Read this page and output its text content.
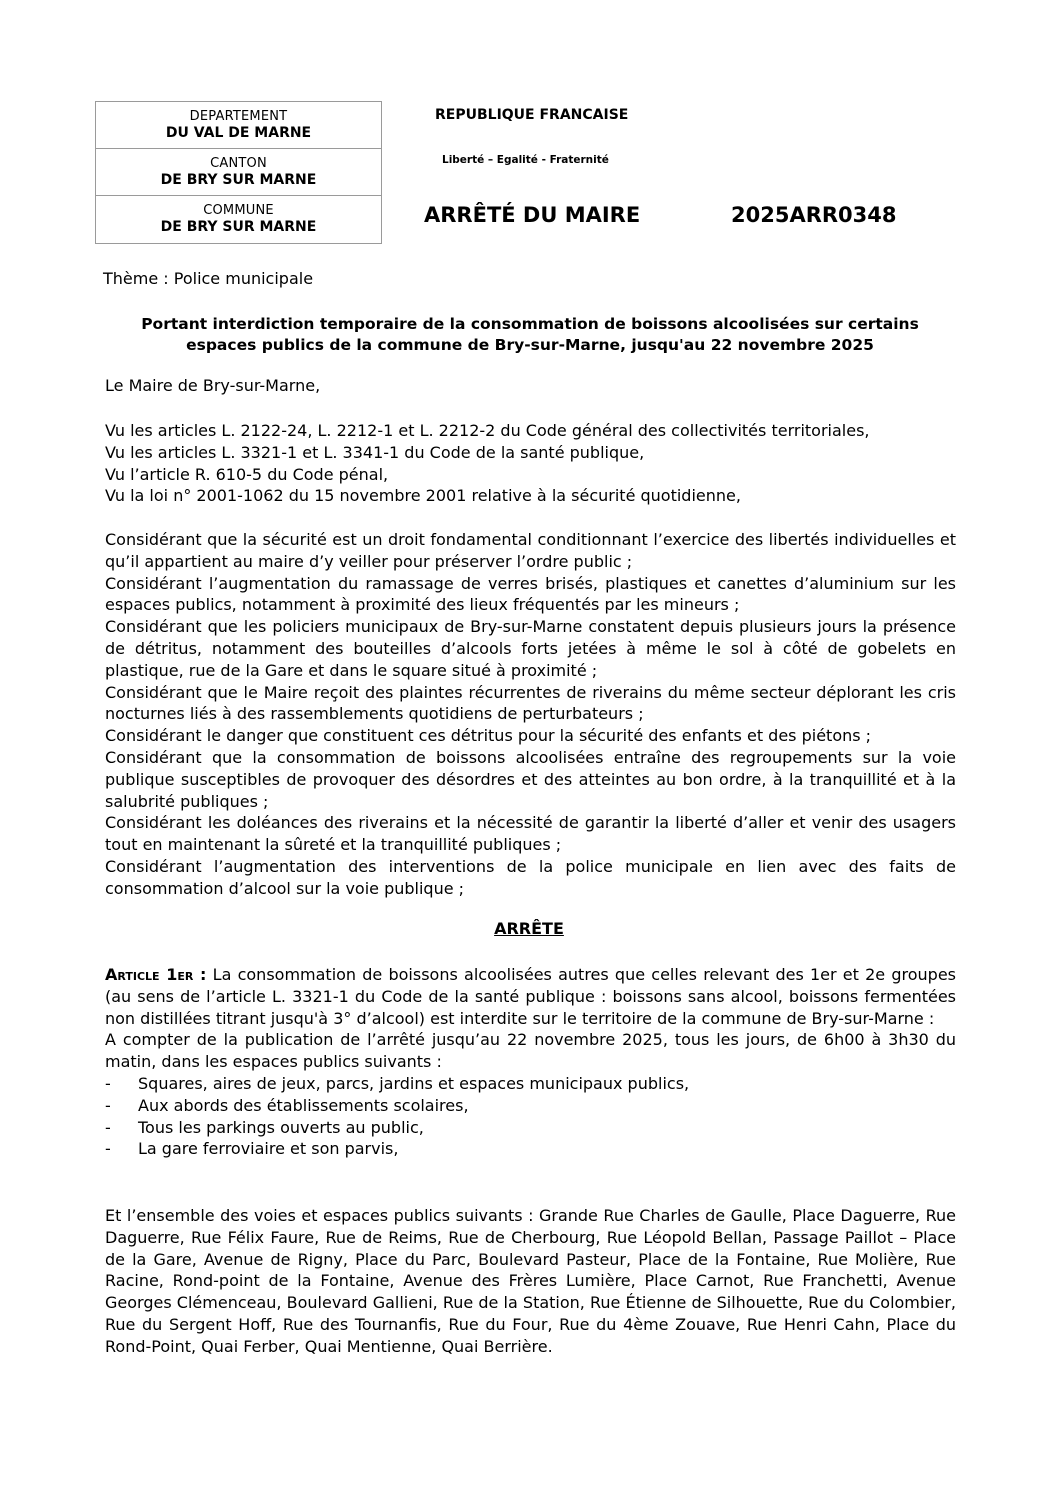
DEPARTEMENT
DU VAL DE MARNE
CANTON
DE BRY SUR MARNE
COMMUNE
DE BRY SUR MARNE
REPUBLIQUE FRANCAISE
Liberté – Egalité - Fraternité
ARRÊTÉ DU MAIRE	2025ARR0348
Thème : Police municipale
Portant interdiction temporaire de la consommation de boissons alcoolisées sur certains espaces publics de la commune de Bry-sur-Marne, jusqu'au 22 novembre 2025

Le Maire de Bry-sur-Marne,

Vu les articles L. 2122-24, L. 2212-1 et L. 2212-2 du Code général des collectivités territoriales,

Vu les articles L. 3321-1 et L. 3341-1 du Code de la santé publique,

Vu l’article R. 610-5 du Code pénal,

Vu la loi n° 2001-1062 du 15 novembre 2001 relative à la sécurité quotidienne,

Considérant que la sécurité est un droit fondamental conditionnant l’exercice des libertés individuelles et qu’il appartient au maire d’y veiller pour préserver l’ordre public ;

Considérant l’augmentation du ramassage de verres brisés, plastiques et canettes d’aluminium sur les espaces publics, notamment à proximité des lieux fréquentés par les mineurs ;

Considérant que les policiers municipaux de Bry-sur-Marne constatent depuis plusieurs jours la présence de détritus, notamment des bouteilles d’alcools forts jetées à même le sol à côté de gobelets en plastique, rue de la Gare et dans le square situé à proximité ;

Considérant que le Maire reçoit des plaintes récurrentes de riverains du même secteur déplorant les cris nocturnes liés à des rassemblements quotidiens de perturbateurs ;

Considérant le danger que constituent ces détritus pour la sécurité des enfants et des piétons ;

Considérant que la consommation de boissons alcoolisées entraîne des regroupements sur la voie publique susceptibles de provoquer des désordres et des atteintes au bon ordre, à la tranquillité et à la salubrité publiques ;

Considérant les doléances des riverains et la nécessité de garantir la liberté d’aller et venir des usagers tout en maintenant la sûreté et la tranquillité publiques ;

Considérant l’augmentation des interventions de la police municipale en lien avec des faits de consommation d’alcool sur la voie publique ;

ARRÊTE

Article 1er : La consommation de boissons alcoolisées autres que celles relevant des 1er et 2e groupes (au sens de l’article L. 3321-1 du Code de la santé publique : boissons sans alcool, boissons fermentées non distillées titrant jusqu'à 3° d’alcool) est interdite sur le territoire de la commune de Bry-sur-Marne :

A compter de la publication de l’arrêté jusqu’au 22 novembre 2025, tous les jours, de 6h00 à 3h30 du matin, dans les espaces publics suivants :

-	Squares, aires de jeux, parcs, jardins et espaces municipaux publics,
-	Aux abords des établissements scolaires,
-	Tous les parkings ouverts au public,
-	La gare ferroviaire et son parvis,

Et l’ensemble des voies et espaces publics suivants : Grande Rue Charles de Gaulle, Place Daguerre, Rue Daguerre, Rue Félix Faure, Rue de Reims, Rue de Cherbourg, Rue Léopold Bellan, Passage Paillot – Place de la Gare, Avenue de Rigny, Place du Parc, Boulevard Pasteur, Place de la Fontaine, Rue Molière, Rue Racine, Rond-point de la Fontaine, Avenue des Frères Lumière, Place Carnot, Rue Franchetti, Avenue Georges Clémenceau, Boulevard Gallieni, Rue de la Station, Rue Étienne de Silhouette, Rue du Colombier, Rue du Sergent Hoff, Rue des Tournanfis, Rue du Four, Rue du 4ème Zouave, Rue Henri Cahn, Place du Rond-Point, Quai Ferber, Quai Mentienne, Quai Berrière.
